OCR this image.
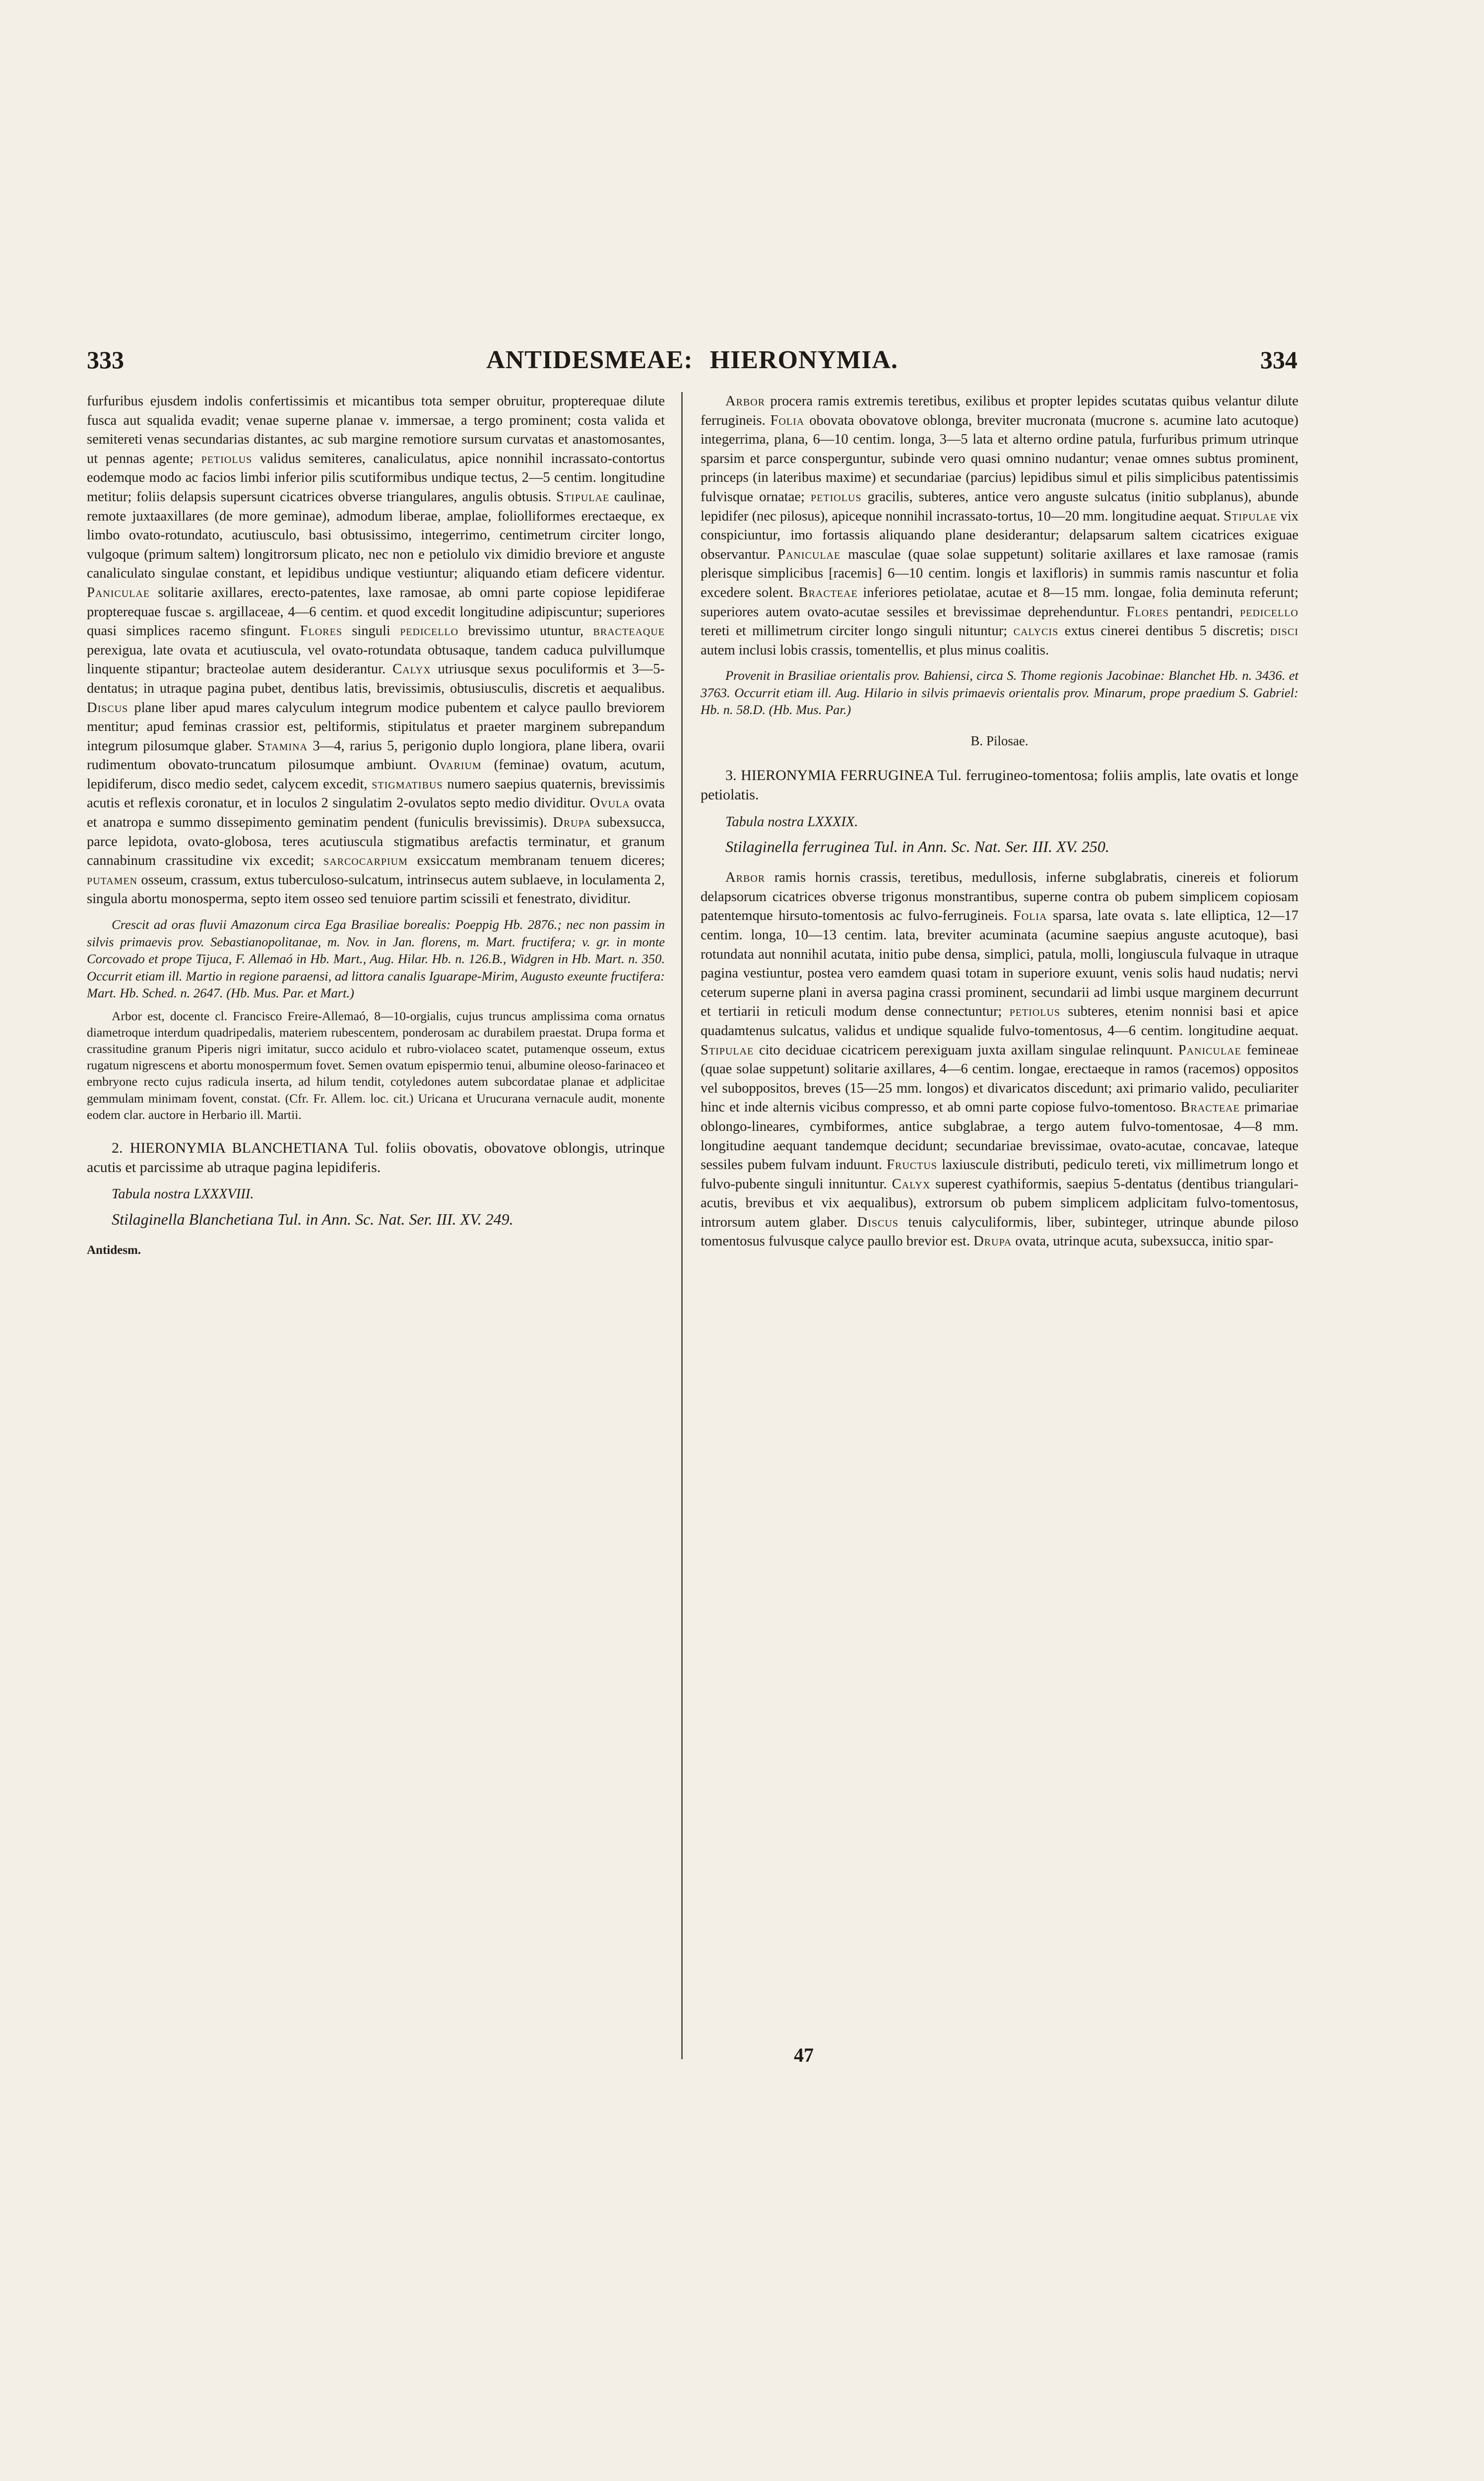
333	ANTIDESMEAE: HIERONYMIA.	334

furfuribus ejusdem indolis confertissimis et micantibus tota semper obruitur, propterequae dilute fusca aut squalida evadit; venae superne planae v. immersae, a tergo prominent; costa valida et semitereti venas secundarias distantes, ac sub margine remotiore sursum curvatas et anastomosantes, ut pennas agente; petiolus validus semiteres, canaliculatus, apice nonnihil incrassato-contortus eodemque modo ac facios limbi inferior pilis scutiformibus undique tectus, 2—5 centim. longitudine metitur; foliis delapsis supersunt cicatrices obverse triangulares, angulis obtusis. Stipulae caulinae, remote juxtaaxillares (de more geminae), admodum liberae, amplae, foliolliformes erectaeque, ex limbo ovato-rotundato, acutiusculo, basi obtusissimo, integerrimo, centimetrum circiter longo, vulgoque (primum saltem) longitrorsum plicato, nec non e petiolulo vix dimidio breviore et anguste canaliculato singulae constant, et lepidibus undique vestiuntur; aliquando etiam deficere videntur. Paniculae solitarie axillares, erecto-patentes, laxe ramosae, ab omni parte copiose lepidiferae propterequae fuscae s. argillaceae, 4—6 centim. et quod excedit longitudine adipiscuntur; superiores quasi simplices racemo sfingunt. Flores singuli pedicello brevissimo utuntur, bracteaque perexigua, late ovata et acutiuscula, vel ovato-rotundata obtusaque, tandem caduca pulvillumque linquente stipantur; bracteolae autem desiderantur. Calyx utriusque sexus poculiformis et 3—5-dentatus; in utraque pagina pubet, dentibus latis, brevissimis, obtusiusculis, discretis et aequalibus. Discus plane liber apud mares calyculum integrum modice pubentem et calyce paullo breviorem mentitur; apud feminas crassior est, peltiformis, stipitulatus et praeter marginem subrepandum integrum pilosumque glaber. Stamina 3—4, rarius 5, perigonio duplo longiora, plane libera, ovarii rudimentum obovato-truncatum pilosumque ambiunt. Ovarium (feminae) ovatum, acutum, lepidiferum, disco medio sedet, calycem excedit, stigmatibus numero saepius quaternis, brevissimis acutis et reflexis coronatur, et in loculos 2 singulatim 2-ovulatos septo medio dividitur. Ovula ovata et anatropa e summo dissepimento geminatim pendent (funiculis brevissimis). Drupa subexsucca, parce lepidota, ovato-globosa, teres acutiuscula stigmatibus arefactis terminatur, et granum cannabinum crassitudine vix excedit; sarcocarpium exsiccatum membranam tenuem diceres; putamen osseum, crassum, extus tuberculoso-sulcatum, intrinsecus autem sublaeve, in loculamenta 2, singula abortu monosperma, septo item osseo sed tenuiore partim scissili et fenestrato, dividitur.

Crescit ad oras fluvii Amazonum circa Ega Brasiliae borealis: Poeppig Hb. 2876.; nec non passim in silvis primaevis prov. Sebastianopolitanae, m. Nov. in Jan. florens, m. Mart. fructifera; v. gr. in monte Corcovado et prope Tijuca, F. Allemaó in Hb. Mart., Aug. Hilar. Hb. n. 126.B., Widgren in Hb. Mart. n. 350. Occurrit etiam ill. Martio in regione paraensi, ad littora canalis Iguarape-Mirim, Augusto exeunte fructifera: Mart. Hb. Sched. n. 2647. (Hb. Mus. Par. et Mart.)

Arbor est, docente cl. Francisco Freire-Allemaó, 8—10-orgialis, cujus truncus amplissima coma ornatus diametroque interdum quadripedalis, materiem rubescentem, ponderosam ac durabilem praestat. Drupa forma et crassitudine granum Piperis nigri imitatur, succo acidulo et rubro-violaceo scatet, putamenque osseum, extus rugatum nigrescens et abortu monospermum fovet. Semen ovatum epispermio tenui, albumine oleoso-farinaceo et embryone recto cujus radicula inserta, ad hilum tendit, cotyledones autem subcordatae planae et adplicitae gemmulam minimam fovent, constat. (Cfr. Fr. Allem. loc. cit.) Uricana et Urucurana vernacule audit, monente eodem clar. auctore in Herbario ill. Martii.

2. HIERONYMIA BLANCHETIANA Tul. foliis obovatis, obovatove oblongis, utrinque acutis et parcissime ab utraque pagina lepidiferis.

Tabula nostra LXXXVIII.

Stilaginella Blanchetiana Tul. in Ann. Sc. Nat. Ser. III. XV. 249.

Antidesm.

Arbor procera ramis extremis teretibus, exilibus et propter lepides scutatas quibus velantur dilute ferrugineis. Folia obovata obovatove oblonga, breviter mucronata (mucrone s. acumine lato acutoque) integerrima, plana, 6—10 centim. longa, 3—5 lata et alterno ordine patula, furfuribus primum utrinque sparsim et parce consperguntur, subinde vero quasi omnino nudantur; venae omnes subtus prominent, princeps (in lateribus maxime) et secundariae (parcius) lepidibus simul et pilis simplicibus patentissimis fulvisque ornatae; petiolus gracilis, subteres, antice vero anguste sulcatus (initio subplanus), abunde lepidifer (nec pilosus), apiceque nonnihil incrassato-tortus, 10—20 mm. longitudine aequat. Stipulae vix conspiciuntur, imo fortassis aliquando plane desiderantur; delapsarum saltem cicatrices exiguae observantur. Paniculae masculae (quae solae suppetunt) solitarie axillares et laxe ramosae (ramis plerisque simplicibus [racemis] 6—10 centim. longis et laxifloris) in summis ramis nascuntur et folia excedere solent. Bracteae inferiores petiolatae, acutae et 8—15 mm. longae, folia deminuta referunt; superiores autem ovato-acutae sessiles et brevissimae deprehenduntur. Flores pentandri, pedicello tereti et millimetrum circiter longo singuli nituntur; calycis extus cinerei dentibus 5 discretis; disci autem inclusi lobis crassis, tomentellis, et plus minus coalitis.

Provenit in Brasiliae orientalis prov. Bahiensi, circa S. Thome regionis Jacobinae: Blanchet Hb. n. 3436. et 3763. Occurrit etiam ill. Aug. Hilario in silvis primaevis orientalis prov. Minarum, prope praedium S. Gabriel: Hb. n. 58.D. (Hb. Mus. Par.)

B. Pilosae.

3. HIERONYMIA FERRUGINEA Tul. ferrugineo-tomentosa; foliis amplis, late ovatis et longe petiolatis.

Tabula nostra LXXXIX.

Stilaginella ferruginea Tul. in Ann. Sc. Nat. Ser. III. XV. 250.

Arbor ramis hornis crassis, teretibus, medullosis, inferne subglabratis, cinereis et foliorum delapsorum cicatrices obverse trigonus monstrantibus, superne contra ob pubem simplicem copiosam patentemque hirsuto-tomentosis ac fulvo-ferrugineis. Folia sparsa, late ovata s. late elliptica, 12—17 centim. longa, 10—13 centim. lata, breviter acuminata (acumine saepius anguste acutoque), basi rotundata aut nonnihil acutata, initio pube densa, simplici, patula, molli, longiuscula fulvaque in utraque pagina vestiuntur, postea vero eamdem quasi totam in superiore exuunt, venis solis haud nudatis; nervi ceterum superne plani in aversa pagina crassi prominent, secundarii ad limbi usque marginem decurrunt et tertiarii in reticuli modum dense connectuntur; petiolus subteres, etenim nonnisi basi et apice quadamtenus sulcatus, validus et undique squalide fulvo-tomentosus, 4—6 centim. longitudine aequat. Stipulae cito deciduae cicatricem perexiguam juxta axillam singulae relinquunt. Paniculae femineae (quae solae suppetunt) solitarie axillares, 4—6 centim. longae, erectaeque in ramos (racemos) oppositos vel suboppositos, breves (15—25 mm. longos) et divaricatos discedunt; axi primario valido, peculiariter hinc et inde alternis vicibus compresso, et ab omni parte copiose fulvo-tomentoso. Bracteae primariae oblongo-lineares, cymbiformes, antice subglabrae, a tergo autem fulvo-tomentosae, 4—8 mm. longitudine aequant tandemque decidunt; secundariae brevissimae, ovato-acutae, concavae, lateque sessiles pubem fulvam induunt. Fructus laxiuscule distributi, pediculo tereti, vix millimetrum longo et fulvo-pubente singuli innituntur. Calyx superest cyathiformis, saepius 5-dentatus (dentibus triangulari-acutis, brevibus et vix aequalibus), extrorsum ob pubem simplicem adplicitam fulvo-tomentosus, introrsum autem glaber. Discus tenuis calyculiformis, liber, subinteger, utrinque abunde piloso tomentosus fulvusque calyce paullo brevior est. Drupa ovata, utrinque acuta, subexsucca, initio spar-

47
